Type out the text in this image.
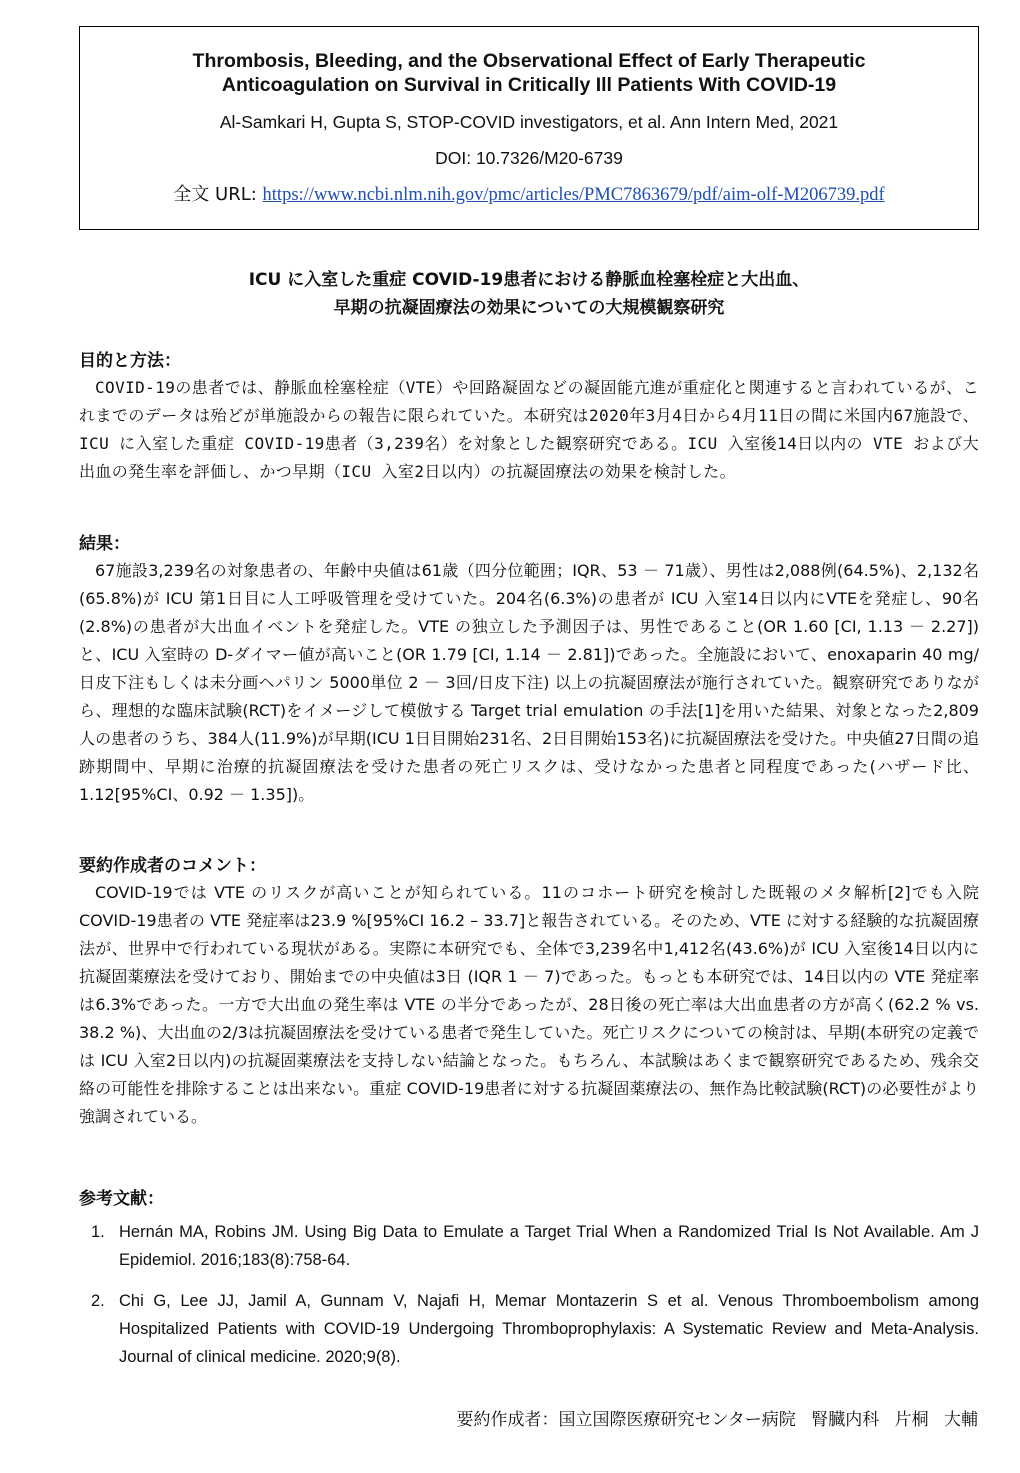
Thrombosis, Bleeding, and the Observational Effect of Early Therapeutic
Anticoagulation on Survival in Critically Ill Patients With COVID-19
Al-Samkari H, Gupta S, STOP-COVID investigators, et al. Ann Intern Med, 2021
DOI: 10.7326/M20-6739
全文 URL: https://www.ncbi.nlm.nih.gov/pmc/articles/PMC7863679/pdf/aim-olf-M206739.pdf
ICU に入室した重症 COVID-19患者における静脈血栓塞栓症と大出血、
早期の抗凝固療法の効果についての大規模観察研究
目的と方法：

COVID-19の患者では、静脈血栓塞栓症（VTE）や回路凝固などの凝固能亢進が重症化と関連すると言われているが、これまでのデータは殆どが単施設からの報告に限られていた。本研究は2020年3月4日から4月11日の間に米国内67施設で、ICU に入室した重症 COVID-19患者（3,239名）を対象とした観察研究である。ICU 入室後14日以内の VTE および大出血の発生率を評価し、かつ早期（ICU 入室2日以内）の抗凝固療法の効果を検討した。

結果：

67施設3,239名の対象患者の、年齢中央値は61歳（四分位範囲；IQR、53 － 71歳）、男性は2,088例(64.5%)、2,132名(65.8%)が ICU 第1日目に人工呼吸管理を受けていた。204名(6.3%)の患者が ICU 入室14日以内にVTEを発症し、90名(2.8%)の患者が大出血イベントを発症した。VTE の独立した予測因子は、男性であること(OR 1.60 [CI, 1.13 － 2.27]) と、ICU 入室時の D-ダイマー値が高いこと(OR 1.79 [CI, 1.14 － 2.81])であった。全施設において、enoxaparin 40 mg/日皮下注もしくは未分画ヘパリン 5000単位 2 － 3回/日皮下注) 以上の抗凝固療法が施行されていた。観察研究でありながら、理想的な臨床試験(RCT)をイメージして模倣する Target trial emulation の手法[1]を用いた結果、対象となった2,809人の患者のうち、384人(11.9%)が早期(ICU 1日目開始231名、2日目開始153名)に抗凝固療法を受けた。中央値27日間の追跡期間中、早期に治療的抗凝固療法を受けた患者の死亡リスクは、受けなかった患者と同程度であった(ハザード比、1.12[95%CI、0.92 － 1.35])。

要約作成者のコメント：

COVID-19では VTE のリスクが高いことが知られている。11のコホート研究を検討した既報のメタ解析[2]でも入院 COVID-19患者の VTE 発症率は23.9 %[95%CI 16.2 – 33.7]と報告されている。そのため、VTE に対する経験的な抗凝固療法が、世界中で行われている現状がある。実際に本研究でも、全体で3,239名中1,412名(43.6%)が ICU 入室後14日以内に抗凝固薬療法を受けており、開始までの中央値は3日 (IQR 1 － 7)であった。もっとも本研究では、14日以内の VTE 発症率は6.3%であった。一方で大出血の発生率は VTE の半分であったが、28日後の死亡率は大出血患者の方が高く(62.2 % vs. 38.2 %)、大出血の2/3は抗凝固療法を受けている患者で発生していた。死亡リスクについての検討は、早期(本研究の定義では ICU 入室2日以内)の抗凝固薬療法を支持しない結論となった。もちろん、本試験はあくまで観察研究であるため、残余交絡の可能性を排除することは出来ない。重症 COVID-19患者に対する抗凝固薬療法の、無作為比較試験(RCT)の必要性がより強調されている。

参考文献：
1. Hernán MA, Robins JM. Using Big Data to Emulate a Target Trial When a Randomized Trial Is Not Available. Am J Epidemiol. 2016;183(8):758-64.
2. Chi G, Lee JJ, Jamil A, Gunnam V, Najafi H, Memar Montazerin S et al. Venous Thromboembolism among Hospitalized Patients with COVID-19 Undergoing Thromboprophylaxis: A Systematic Review and Meta-Analysis. Journal of clinical medicine. 2020;9(8).
要約作成者：国立国際医療研究センター病院 腎臓内科 片桐 大輔
